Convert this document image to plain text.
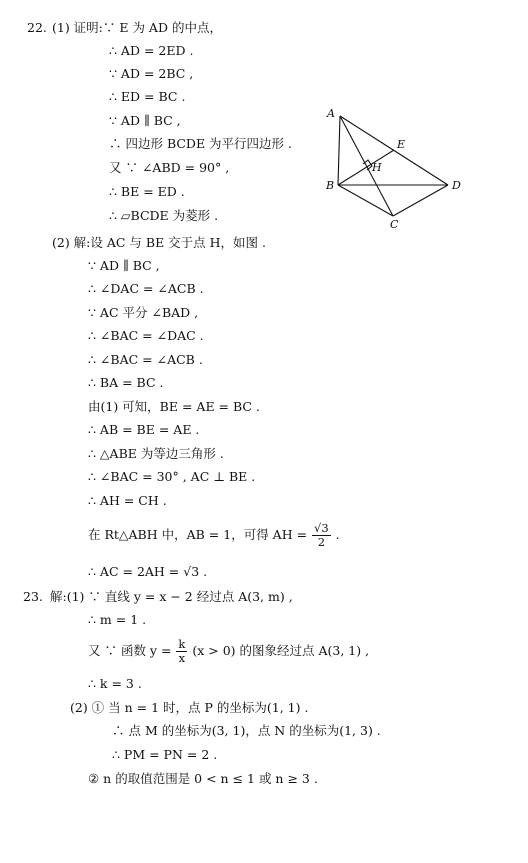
22. (1) 证明:∵ E 为 AD 的中点，
∴ AD = 2ED .
∵ AD = 2BC ,
∴ ED = BC .
∵ AD ∥ BC ,
∴ 四边形 BCDE 为平行四边形 .
又 ∵ ∠ABD = 90° ,
∴ BE = ED .
∴ ▱BCDE 为菱形 .
A
E
H
B	D
C
(2) 解:设 AC 与 BE 交于点 H，如图 .
∵ AD ∥ BC ,
∴ ∠DAC = ∠ACB .
∵ AC 平分 ∠BAD ,
∴ ∠BAC = ∠DAC .
∴ ∠BAC = ∠ACB .
∴ BA = BC .
由(1) 可知，BE = AE = BC .
∴ AB = BE = AE .
∴ △ABE 为等边三角形 .
∴ ∠BAC = 30° , AC ⊥ BE .
∴ AH = CH .
在 Rt△ABH 中，AB = 1，可得 AH = $\frac{√3}{2}$ .
∴ AC = 2AH = √3 .
23. 解:(1) ∵ 直线 y = x − 2 经过点 A(3, m) ,
∴ m = 1 .
又 ∵ 函数 $y = \frac{k}{x} (x > 0)$ 的图象经过点 A(3, 1) ,
∴ k = 3 .
(2) ① 当 n = 1 时，点 P 的坐标为(1, 1) .
∴ 点 M 的坐标为(3, 1)，点 N 的坐标为(1, 3) .
∴ PM = PN = 2 .
② n 的取值范围是 0 < n ≤ 1 或 n ≥ 3 .
